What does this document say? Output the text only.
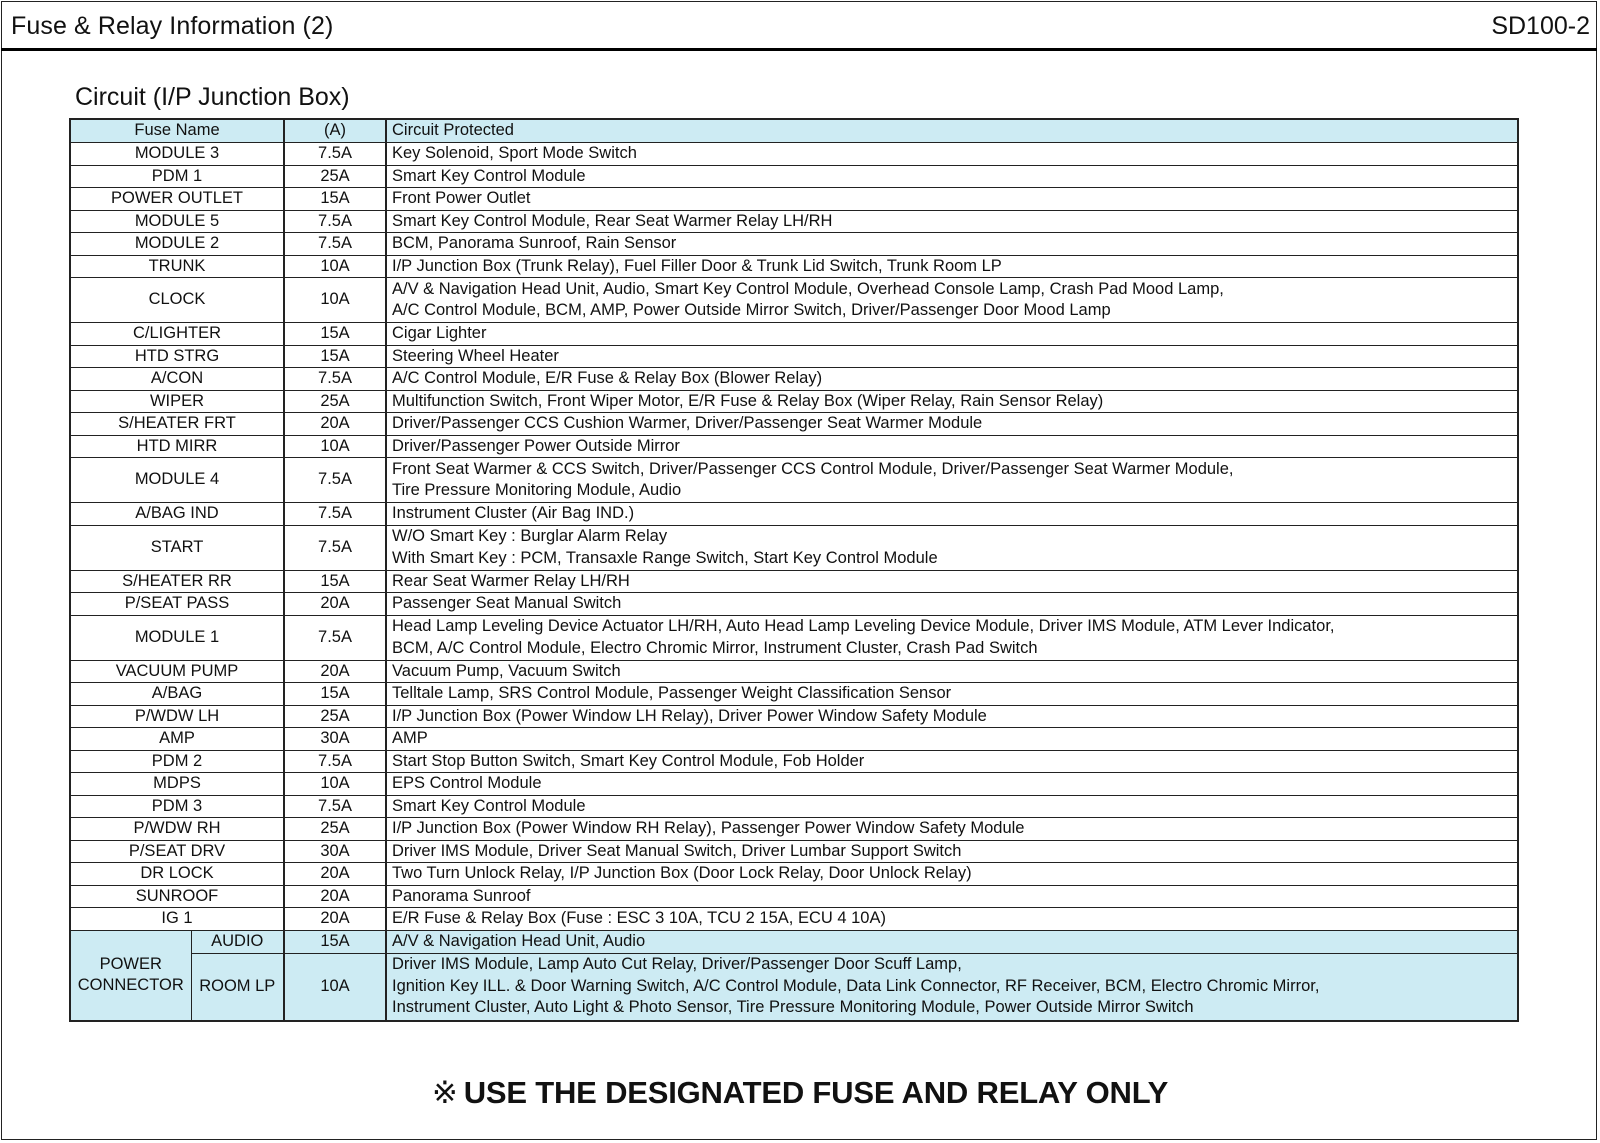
Fuse & Relay Information (2)	SD100-2
Circuit (I/P Junction Box)
Fuse Name		(A)	Circuit Protected
MODULE 3		7.5A	Key Solenoid, Sport Mode Switch

PDM 1		25A	Smart Key Control Module

POWER OUTLET		15A	Front Power Outlet

MODULE 5		7.5A	Smart Key Control Module, Rear Seat Warmer Relay LH/RH

MODULE 2		7.5A	BCM, Panorama Sunroof, Rain Sensor

TRUNK		10A	I/P Junction Box (Trunk Relay), Fuel Filler Door & Trunk Lid Switch, Trunk Room LP

CLOCK		10A	A/V & Navigation Head Unit, Audio, Smart Key Control Module, Overhead Console Lamp, Crash Pad Mood Lamp,
A/C Control Module, BCM, AMP, Power Outside Mirror Switch, Driver/Passenger Door Mood Lamp

C/LIGHTER		15A	Cigar Lighter

HTD STRG		15A	Steering Wheel Heater

A/CON		7.5A	A/C Control Module, E/R Fuse & Relay Box (Blower Relay)

WIPER		25A	Multifunction Switch, Front Wiper Motor, E/R Fuse & Relay Box (Wiper Relay, Rain Sensor Relay)

S/HEATER FRT		20A	Driver/Passenger CCS Cushion Warmer, Driver/Passenger Seat Warmer Module

HTD MIRR		10A	Driver/Passenger Power Outside Mirror

MODULE 4		7.5A	Front Seat Warmer & CCS Switch, Driver/Passenger CCS Control Module, Driver/Passenger Seat Warmer Module,
Tire Pressure Monitoring Module, Audio

A/BAG IND		7.5A	Instrument Cluster (Air Bag IND.)

START		7.5A	W/O Smart Key : Burglar Alarm Relay
With Smart Key : PCM, Transaxle Range Switch, Start Key Control Module

S/HEATER RR		15A	Rear Seat Warmer Relay LH/RH

P/SEAT PASS		20A	Passenger Seat Manual Switch

MODULE 1		7.5A	Head Lamp Leveling Device Actuator LH/RH, Auto Head Lamp Leveling Device Module, Driver IMS Module, ATM Lever Indicator,
BCM, A/C Control Module, Electro Chromic Mirror, Instrument Cluster, Crash Pad Switch

VACUUM PUMP		20A	Vacuum Pump, Vacuum Switch

A/BAG		15A	Telltale Lamp, SRS Control Module, Passenger Weight Classification Sensor

P/WDW LH		25A	I/P Junction Box (Power Window LH Relay), Driver Power Window Safety Module

AMP		30A	AMP

PDM 2		7.5A	Start Stop Button Switch, Smart Key Control Module, Fob Holder

MDPS		10A	EPS Control Module

PDM 3		7.5A	Smart Key Control Module

P/WDW RH		25A	I/P Junction Box (Power Window RH Relay), Passenger Power Window Safety Module

P/SEAT DRV		30A	Driver IMS Module, Driver Seat Manual Switch, Driver Lumbar Support Switch

DR LOCK		20A	Two Turn Unlock Relay, I/P Junction Box (Door Lock Relay, Door Unlock Relay)

SUNROOF		20A	Panorama Sunroof

IG 1		20A	E/R Fuse & Relay Box (Fuse : ESC 3 10A, TCU 2 15A, ECU 4 10A)

POWER
CONNECTOR	AUDIO	15A	A/V & Navigation Head Unit, Audio

	ROOM LP	10A	Driver IMS Module, Lamp Auto Cut Relay, Driver/Passenger Door Scuff Lamp,
Ignition Key ILL. & Door Warning Switch, A/C Control Module, Data Link Connector, RF Receiver, BCM, Electro Chromic Mirror,
Instrument Cluster, Auto Light & Photo Sensor, Tire Pressure Monitoring Module, Power Outside Mirror Switch
※ USE THE DESIGNATED FUSE AND RELAY ONLY
